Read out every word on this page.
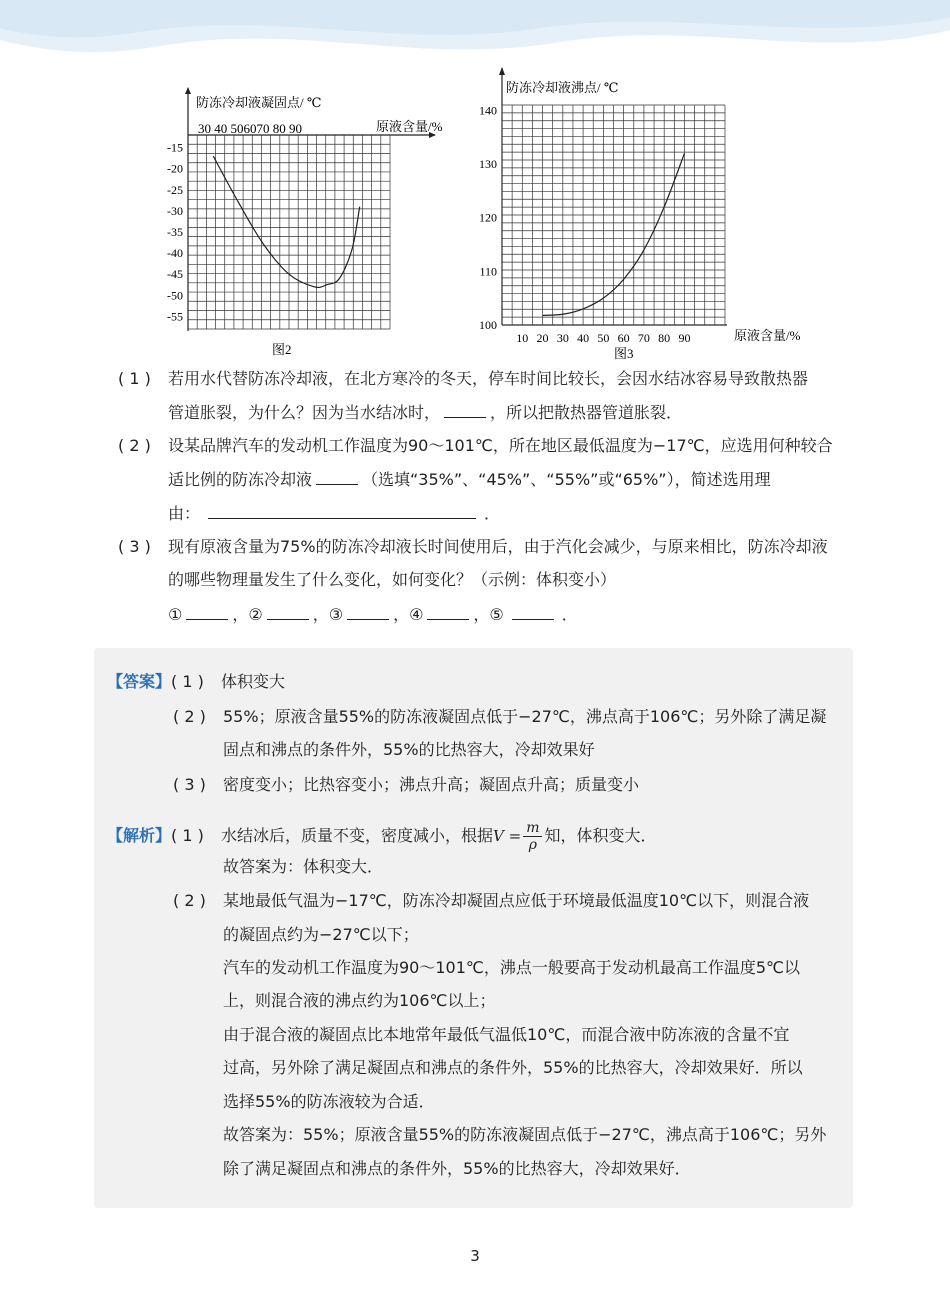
防冻冷却液凝固点/ ℃
原液含量/%
30 40 506070 80 90
图2
-15
-20
-25
-30
-35
-40
-45
-50
-55
防冻冷却液沸点/ ℃
原液含量/%
图3
140
130
120
110
100
10 20 30 40 50 60 70 80 90
( 1 ) 若用水代替防冻冷却液，在北方寒冷的冬天，停车时间比较长，会因水结冰容易导致散热器
管道胀裂，为什么？因为当水结冰时，	，所以把散热器管道胀裂．
( 2 ) 设某品牌汽车的发动机工作温度为90～101℃，所在地区最低温度为−17℃，应选用何种较合
适比例的防冻冷却液	（选填“35%”、“45%”、“55%”或“65%”），简述选用理
由：	．
( 3 ) 现有原液含量为75%的防冻冷却液长时间使用后，由于汽化会减少，与原来相比，防冻冷却液
的哪些物理量发生了什么变化，如何变化？（示例：体积变小）
①	，②	，③	，④	，⑤	．
【答案】( 1 ) 体积变大
( 2 ) 55%；原液含量55%的防冻液凝固点低于−27℃，沸点高于106℃；另外除了满足凝
固点和沸点的条件外，55%的比热容大，冷却效果好
( 3 ) 密度变小；比热容变小；沸点升高；凝固点升高；质量变小
【解析】( 1 ) 水结冰后，质量不变，密度减小，根据$V = \frac{m}{\rho}$ 知，体积变大．
故答案为：体积变大．
( 2 ) 某地最低气温为−17℃，防冻冷却凝固点应低于环境最低温度10℃以下，则混合液
的凝固点约为−27℃以下；
汽车的发动机工作温度为90～101℃，沸点一般要高于发动机最高工作温度5℃以
上，则混合液的沸点约为106℃以上；
由于混合液的凝固点比本地常年最低气温低10℃，而混合液中防冻液的含量不宜
过高，另外除了满足凝固点和沸点的条件外，55%的比热容大，冷却效果好．所以
选择55%的防冻液较为合适．
故答案为：55%；原液含量55%的防冻液凝固点低于−27℃，沸点高于106℃；另外
除了满足凝固点和沸点的条件外，55%的比热容大，冷却效果好．
3
